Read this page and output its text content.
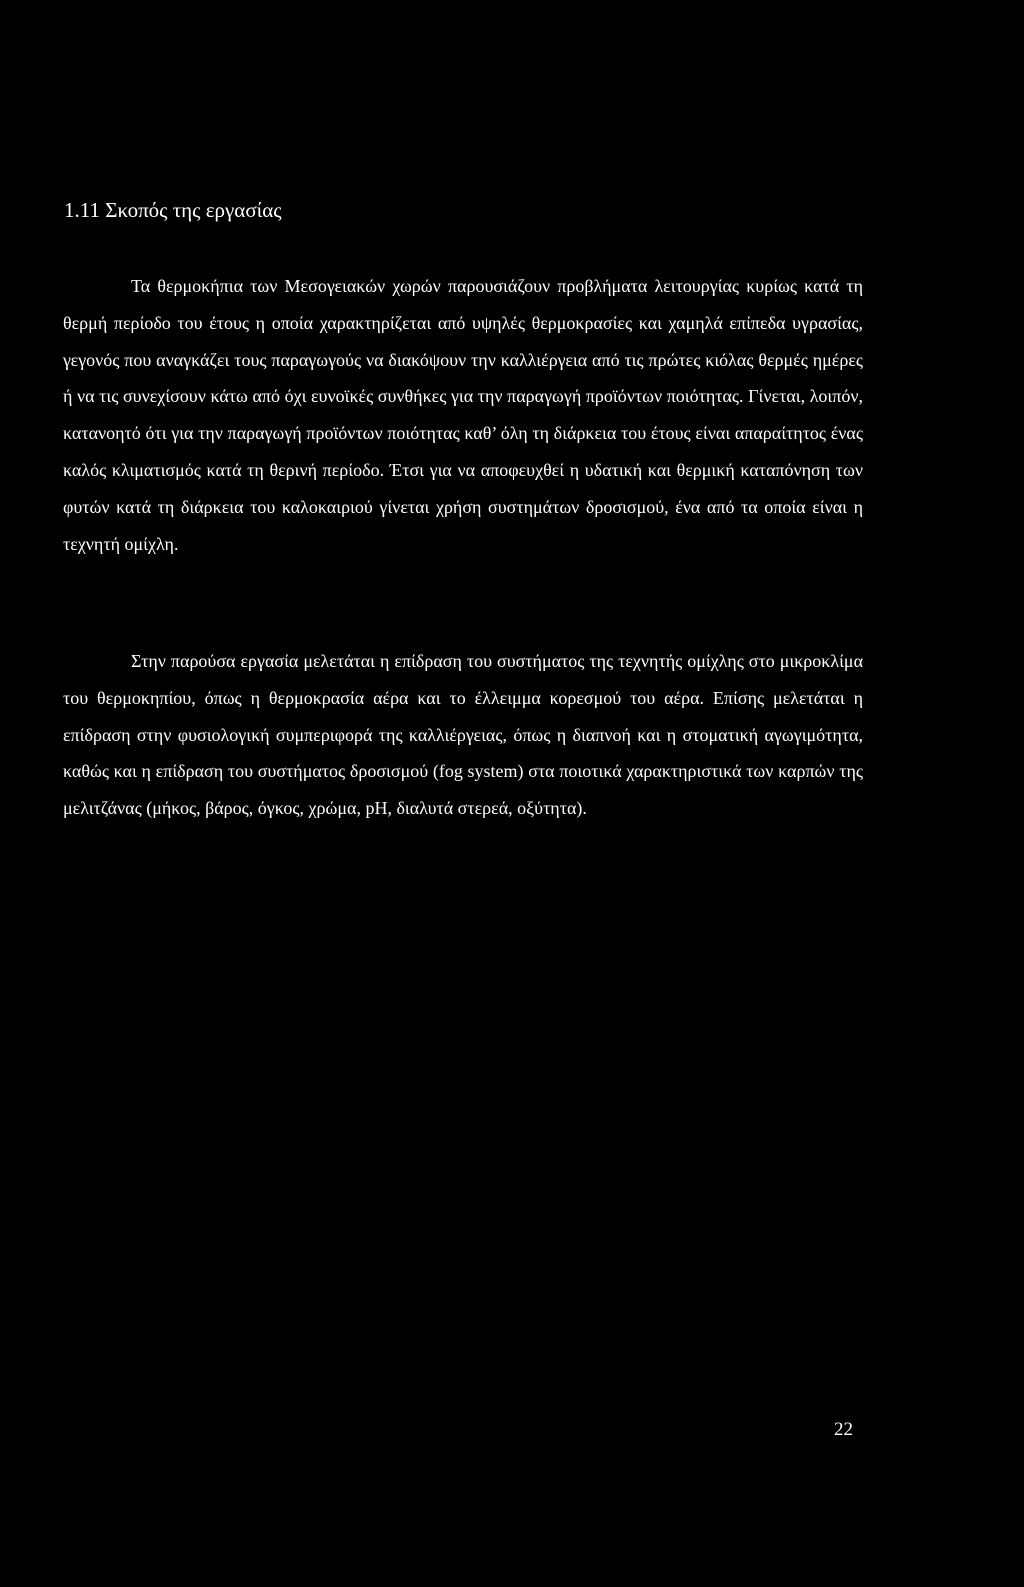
1.11 Σκοπός της εργασίας

Τα θερμοκήπια των Μεσογειακών χωρών παρουσιάζουν προβλήματα λειτουργίας κυρίως κατά τη θερμή περίοδο του έτους η οποία χαρακτηρίζεται από υψηλές θερμοκρασίες και χαμηλά επίπεδα υγρασίας, γεγονός που αναγκάζει τους παραγωγούς να διακόψουν την καλλιέργεια από τις πρώτες κιόλας θερμές ημέρες ή να τις συνεχίσουν κάτω από όχι ευνοϊκές συνθήκες για την παραγωγή προϊόντων ποιότητας. Γίνεται, λοιπόν, κατανοητό ότι για την παραγωγή προϊόντων ποιότητας καθ’ όλη τη διάρκεια του έτους είναι απαραίτητος ένας καλός κλιματισμός κατά τη θερινή περίοδο. Έτσι για να αποφευχθεί η υδατική και θερμική καταπόνηση των φυτών κατά τη διάρκεια του καλοκαιριού γίνεται χρήση συστημάτων δροσισμού, ένα από τα οποία είναι η τεχνητή ομίχλη.

Στην παρούσα εργασία μελετάται η επίδραση του συστήματος της τεχνητής ομίχλης στο μικροκλίμα του θερμοκηπίου, όπως η θερμοκρασία αέρα και το έλλειμμα κορεσμού του αέρα. Επίσης μελετάται η επίδραση στην φυσιολογική συμπεριφορά της καλλιέργειας, όπως η διαπνοή και η στοματική αγωγιμότητα, καθώς και η επίδραση του συστήματος δροσισμού (fog system) στα ποιοτικά χαρακτηριστικά των καρπών της μελιτζάνας (μήκος, βάρος, όγκος, χρώμα, pH, διαλυτά στερεά, οξύτητα).

22
